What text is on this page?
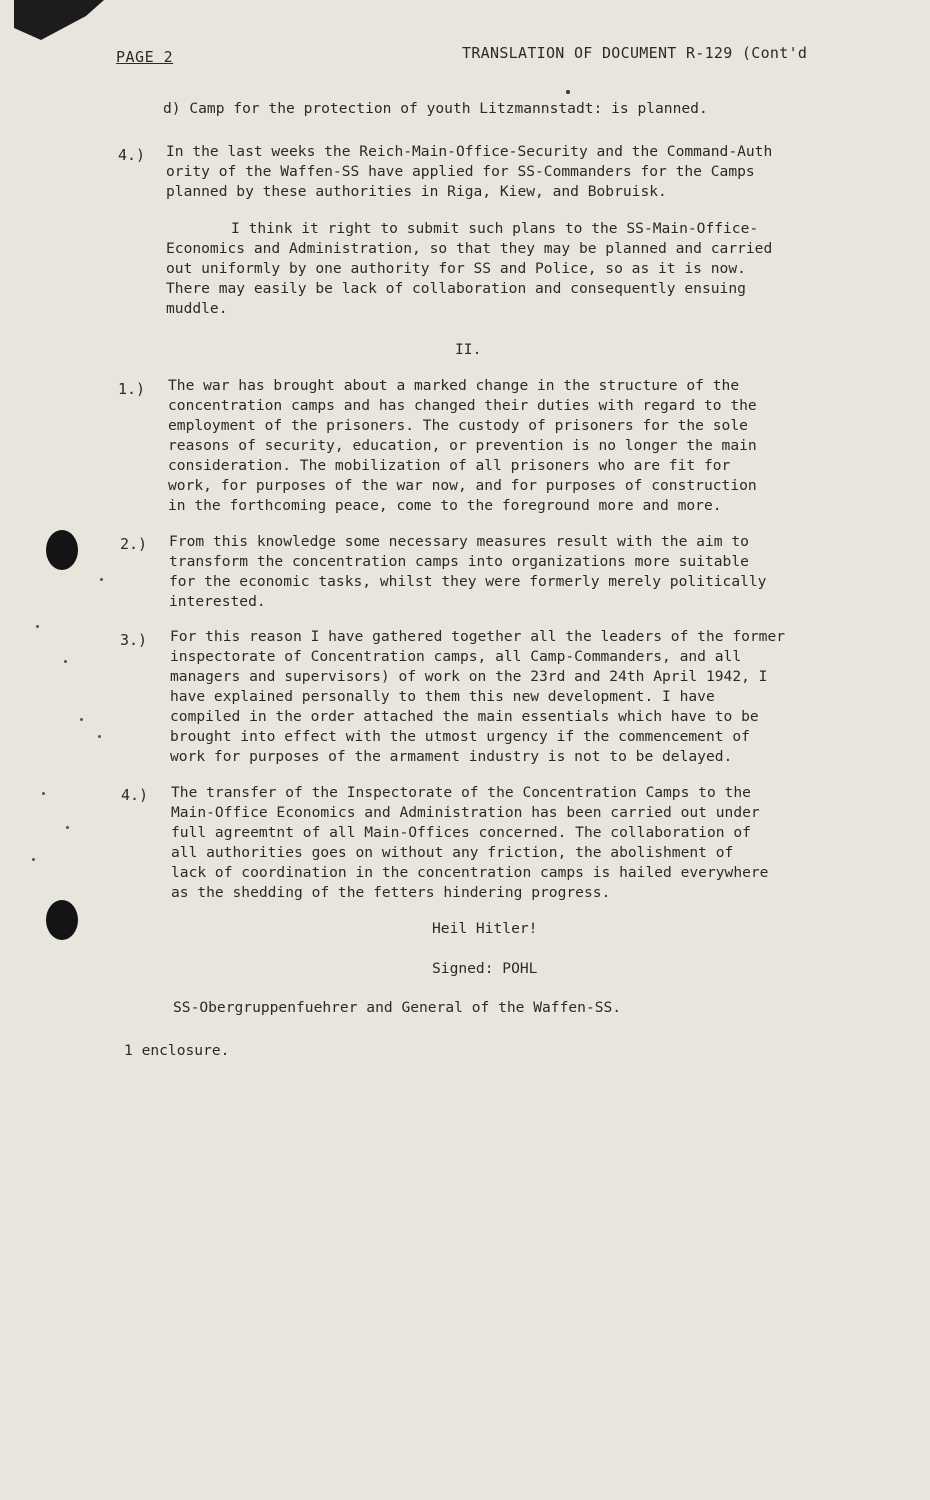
PAGE 2	TRANSLATION OF DOCUMENT R-129 (Cont'd
d) Camp for the protection of youth Litzmannstadt: is planned.
4.) In the last weeks the Reich-Main-Office-Security and the Command-Auth
ority of the Waffen-SS have applied for SS-Commanders for the Camps
planned by these authorities in Riga, Kiew, and Bobruisk.
I think it right to submit such plans to the SS-Main-Office-
Economics and Administration, so that they may be planned and carried
out uniformly by one authority for SS and Police, so as it is now.
There may easily be lack of collaboration and consequently ensuing
muddle.
II.
1.) The war has brought about a marked change in the structure of the
concentration camps and has changed their duties with regard to the
employment of the prisoners. The custody of prisoners for the sole
reasons of security, education, or prevention is no longer the main
consideration. The mobilization of all prisoners who are fit for
work, for purposes of the war now, and for purposes of construction
in the forthcoming peace, come to the foreground more and more.
2.) From this knowledge some necessary measures result with the aim to
transform the concentration camps into organizations more suitable
for the economic tasks, whilst they were formerly merely politically
interested.
3.) For this reason I have gathered together all the leaders of the former
inspectorate of Concentration camps, all Camp-Commanders, and all
managers and supervisors) of work on the 23rd and 24th April 1942, I
have explained personally to them this new development. I have
compiled in the order attached the main essentials which have to be
brought into effect with the utmost urgency if the commencement of
work for purposes of the armament industry is not to be delayed.
4.) The transfer of the Inspectorate of the Concentration Camps to the
Main-Office Economics and Administration has been carried out under
full agreemtnt of all Main-Offices concerned. The collaboration of
all authorities goes on without any friction, the abolishment of
lack of coordination in the concentration camps is hailed everywhere
as the shedding of the fetters hindering progress.
Heil Hitler!
Signed: POHL
SS-Obergruppenfuehrer and General of the Waffen-SS.
1 enclosure.
